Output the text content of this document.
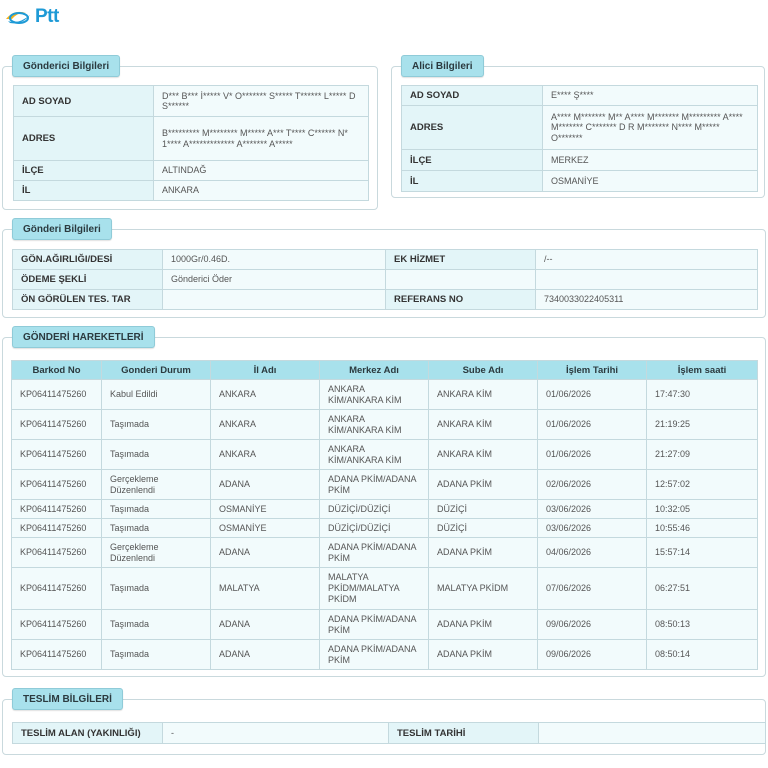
Ptt
Gönderici Bilgileri
AD SOYAD	D*** B*** İ***** V* O******* S***** T****** L***** D S******
ADRES	B********* M******** M***** A*** T**** C****** N* 1**** A************* A******* A*****
İLÇE	ALTINDAĞ
İL	ANKARA
Alici Bilgileri
AD SOYAD	E**** Ş****
ADRES	A**** M******* M** A**** M******* M********* A**** M******* C******* D R M******* N**** M***** O*******
İLÇE	MERKEZ
İL	OSMANİYE
Gönderi Bilgileri
GÖN.AĞIRLIĞI/DESİ	1000Gr/0.46D.	EK HİZMET	/--
ÖDEME ŞEKLİ	Gönderici Öder		
ÖN GÖRÜLEN TES. TAR		REFERANS NO	7340033022405311
GÖNDERİ HAREKETLERİ
Barkod No	Gonderi Durum	İl Adı	Merkez Adı	Sube Adı	İşlem Tarihi	İşlem saati
KP06411475260	Kabul Edildi	ANKARA	ANKARA KİM/ANKARA KİM	ANKARA KİM	01/06/2026	17:47:30
KP06411475260	Taşımada	ANKARA	ANKARA KİM/ANKARA KİM	ANKARA KİM	01/06/2026	21:19:25
KP06411475260	Taşımada	ANKARA	ANKARA KİM/ANKARA KİM	ANKARA KİM	01/06/2026	21:27:09
KP06411475260	Gerçekleme Düzenlendi	ADANA	ADANA PKİM/ADANA PKİM	ADANA PKİM	02/06/2026	12:57:02
KP06411475260	Taşımada	OSMANİYE	DÜZİÇİ/DÜZİÇİ	DÜZİÇİ	03/06/2026	10:32:05
KP06411475260	Taşımada	OSMANİYE	DÜZİÇİ/DÜZİÇİ	DÜZİÇİ	03/06/2026	10:55:46
KP06411475260	Gerçekleme Düzenlendi	ADANA	ADANA PKİM/ADANA PKİM	ADANA PKİM	04/06/2026	15:57:14
KP06411475260	Taşımada	MALATYA	MALATYA PKİDM/MALATYA PKİDM	MALATYA PKİDM	07/06/2026	06:27:51
KP06411475260	Taşımada	ADANA	ADANA PKİM/ADANA PKİM	ADANA PKİM	09/06/2026	08:50:13
KP06411475260	Taşımada	ADANA	ADANA PKİM/ADANA PKİM	ADANA PKİM	09/06/2026	08:50:14
TESLİM BİLGİLERİ
TESLİM ALAN (YAKINLIĞI)	-	TESLİM TARİHİ	
